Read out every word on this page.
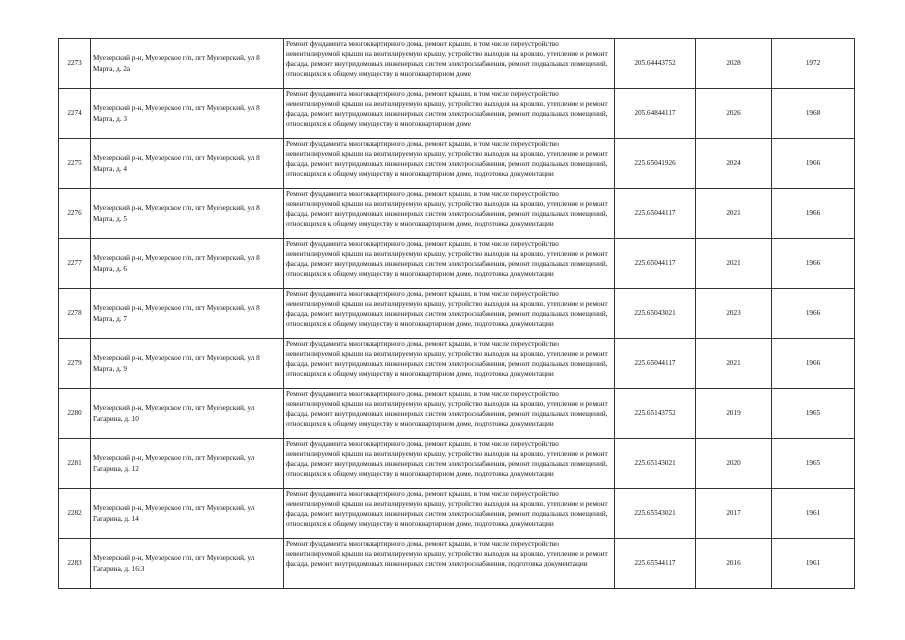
2273	Муезерский р-н, Муезерское г/п, пгт Муезерский, ул 8 Марта, д. 2а	Ремонт фундамента многоквартирного дома, ремонт крыши, в том числе переустройство невентилируемой крыши на вентилируемую крышу, устройство выходов на кровлю, утепление и ремонт фасада, ремонт внутридомовых инженерных систем электроснабжения, ремонт подвальных помещений, относящихся к общему имуществу в многоквартирном доме	205.64443752	2028	1972
2274	Муезерский р-н, Муезерское г/п, пгт Муезерский, ул 8 Марта, д. 3	Ремонт фундамента многоквартирного дома, ремонт крыши, в том числе переустройство невентилируемой крыши на вентилируемую крышу, устройство выходов на кровлю, утепление и ремонт фасада, ремонт внутридомовых инженерных систем электроснабжения, ремонт подвальных помещений, относящихся к общему имуществу в многоквартирном доме	205.64844117	2026	1968
2275	Муезерский р-н, Муезерское г/п, пгт Муезерский, ул 8 Марта, д. 4	Ремонт фундамента многоквартирного дома, ремонт крыши, в том числе переустройство невентилируемой крыши на вентилируемую крышу, устройство выходов на кровлю, утепление и ремонт фасада, ремонт внутридомовых инженерных систем электроснабжения, ремонт подвальных помещений, относящихся к общему имуществу в многоквартирном доме, подготовка документации	225.65041926	2024	1966
2276	Муезерский р-н, Муезерское г/п, пгт Муезерский, ул 8 Марта, д. 5	Ремонт фундамента многоквартирного дома, ремонт крыши, в том числе переустройство невентилируемой крыши на вентилируемую крышу, устройство выходов на кровлю, утепление и ремонт фасада, ремонт внутридомовых инженерных систем электроснабжения, ремонт подвальных помещений, относящихся к общему имуществу в многоквартирном доме, подготовка документации	225.65044117	2021	1966
2277	Муезерский р-н, Муезерское г/п, пгт Муезерский, ул 8 Марта, д. 6	Ремонт фундамента многоквартирного дома, ремонт крыши, в том числе переустройство невентилируемой крыши на вентилируемую крышу, устройство выходов на кровлю, утепление и ремонт фасада, ремонт внутридомовых инженерных систем электроснабжения, ремонт подвальных помещений, относящихся к общему имуществу в многоквартирном доме, подготовка документации	225.65044117	2021	1966
2278	Муезерский р-н, Муезерское г/п, пгт Муезерский, ул 8 Марта, д. 7	Ремонт фундамента многоквартирного дома, ремонт крыши, в том числе переустройство невентилируемой крыши на вентилируемую крышу, устройство выходов на кровлю, утепление и ремонт фасада, ремонт внутридомовых инженерных систем электроснабжения, ремонт подвальных помещений, относящихся к общему имуществу в многоквартирном доме, подготовка документации	225.65043021	2023	1966
2279	Муезерский р-н, Муезерское г/п, пгт Муезерский, ул 8 Марта, д. 9	Ремонт фундамента многоквартирного дома, ремонт крыши, в том числе переустройство невентилируемой крыши на вентилируемую крышу, устройство выходов на кровлю, утепление и ремонт фасада, ремонт внутридомовых инженерных систем электроснабжения, ремонт подвальных помещений, относящихся к общему имуществу в многоквартирном доме, подготовка документации	225.65044117	2021	1966
2280	Муезерский р-н, Муезерское г/п, пгт Муезерский, ул Гагарина, д. 10	Ремонт фундамента многоквартирного дома, ремонт крыши, в том числе переустройство невентилируемой крыши на вентилируемую крышу, устройство выходов на кровлю, утепление и ремонт фасада, ремонт внутридомовых инженерных систем электроснабжения, ремонт подвальных помещений, относящихся к общему имуществу в многоквартирном доме, подготовка документации	225.65143752	2019	1965
2281	Муезерский р-н, Муезерское г/п, пгт Муезерский, ул Гагарина, д. 12	Ремонт фундамента многоквартирного дома, ремонт крыши, в том числе переустройство невентилируемой крыши на вентилируемую крышу, устройство выходов на кровлю, утепление и ремонт фасада, ремонт внутридомовых инженерных систем электроснабжения, ремонт подвальных помещений, относящихся к общему имуществу в многоквартирном доме, подготовка документации	225.65143021	2020	1965
2282	Муезерский р-н, Муезерское г/п, пгт Муезерский, ул Гагарина, д. 14	Ремонт фундамента многоквартирного дома, ремонт крыши, в том числе переустройство невентилируемой крыши на вентилируемую крышу, устройство выходов на кровлю, утепление и ремонт фасада, ремонт внутридомовых инженерных систем электроснабжения, ремонт подвальных помещений, относящихся к общему имуществу в многоквартирном доме, подготовка документации	225.65543021	2017	1961
2283	Муезерский р-н, Муезерское г/п, пгт Муезерский, ул Гагарина, д. 16:3	Ремонт фундамента многоквартирного дома, ремонт крыши, в том числе переустройство невентилируемой крыши на вентилируемую крышу, устройство выходов на кровлю, утепление и ремонт фасада, ремонт внутридомовых инженерных систем электроснабжения, подготовка документации	225.65544117	2016	1961
